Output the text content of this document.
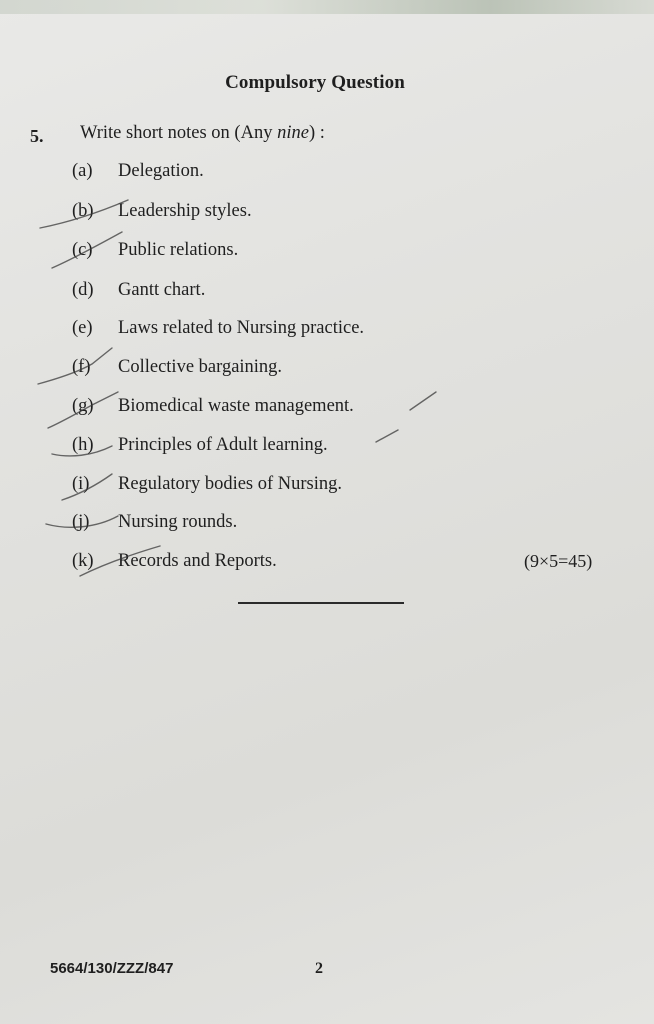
Compulsory Question
5. Write short notes on (Any nine) :
(a) Delegation.
(b) Leadership styles.
(c) Public relations.
(d) Gantt chart.
(e) Laws related to Nursing practice.
(f) Collective bargaining.
(g) Biomedical waste management.
(h) Principles of Adult learning.
(i) Regulatory bodies of Nursing.
(j) Nursing rounds.
(k) Records and Reports.	(9×5=45)
5664/130/ZZZ/847	2
